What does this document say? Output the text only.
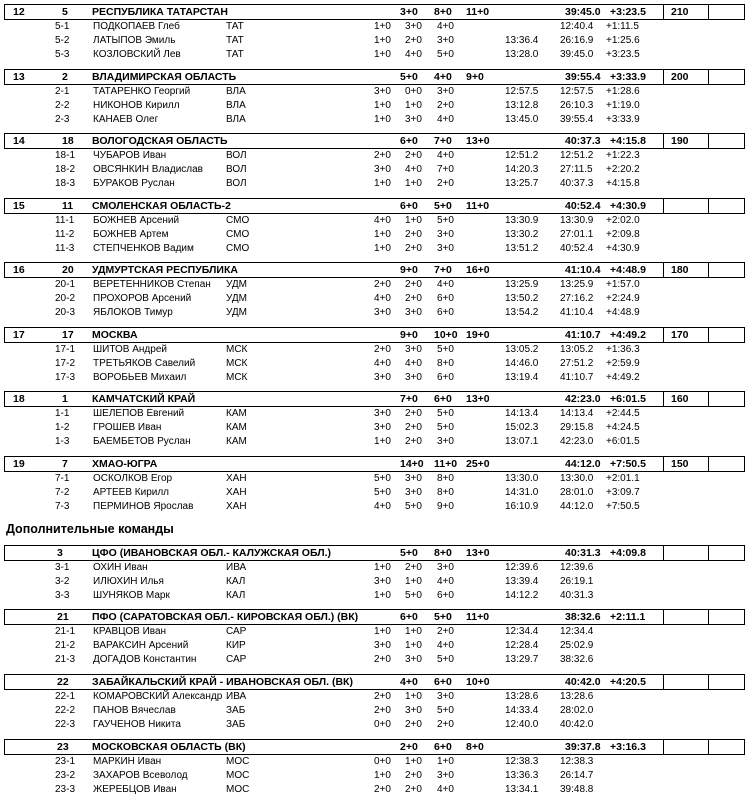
12	5 РЕСПУБЛИКА ТАТАРСТАН	3+0 8+0 11+0	39:45.0 +3:23.5 210
5-1 ПОДКОПАЕВ Глеб	ТАТ	1+0 3+0 4+0	12:40.4 +1:11.5
5-2 ЛАТЫПОВ Эмиль	ТАТ	1+0 2+0 3+0	13:36.4 26:16.9 +1:25.6
5-3 КОЗЛОВСКИЙ Лев	ТАТ	1+0 4+0 5+0	13:28.0 39:45.0 +3:23.5
13	2 ВЛАДИМИРСКАЯ ОБЛАСТЬ	5+0 4+0 9+0	39:55.4 +3:33.9 200
2-1 ТАТАРЕНКО Георгий	ВЛА	3+0 0+0 3+0	12:57.5 12:57.5 +1:28.6
2-2 НИКОНОВ Кирилл	ВЛА	1+0 1+0 2+0	13:12.8 26:10.3 +1:19.0
2-3 КАНАЕВ Олег	ВЛА	1+0 3+0 4+0	13:45.0 39:55.4 +3:33.9
14	18 ВОЛОГОДСКАЯ ОБЛАСТЬ	6+0 7+0 13+0	40:37.3 +4:15.8 190
18-1 ЧУБАРОВ Иван	ВОЛ	2+0 2+0 4+0	12:51.2 12:51.2 +1:22.3
18-2 ОВСЯНКИН Владислав ВОЛ	3+0 4+0 7+0	14:20.3 27:11.5 +2:20.2
18-3 БУРАКОВ Руслан	ВОЛ	1+0 1+0 2+0	13:25.7 40:37.3 +4:15.8
15	11 СМОЛЕНСКАЯ ОБЛАСТЬ-2	6+0 5+0 11+0	40:52.4 +4:30.9
11-1 БОЖНЕВ Арсений	СМО	4+0 1+0 5+0	13:30.9 13:30.9 +2:02.0
11-2 БОЖНЕВ Артем	СМО	1+0 2+0 3+0	13:30.2 27:01.1 +2:09.8
11-3 СТЕПЧЕНКОВ Вадим	СМО	1+0 2+0 3+0	13:51.2 40:52.4 +4:30.9
16	20 УДМУРТСКАЯ РЕСПУБЛИКА	9+0 7+0 16+0	41:10.4 +4:48.9 180
20-1 ВЕРЕТЕННИКОВ Степан УДМ	2+0 2+0 4+0	13:25.9 13:25.9 +1:57.0
20-2 ПРОХОРОВ Арсений	УДМ	4+0 2+0 6+0	13:50.2 27:16.2 +2:24.9
20-3 ЯБЛОКОВ Тимур	УДМ	3+0 3+0 6+0	13:54.2 41:10.4 +4:48.9
17	17 МОСКВА	9+0 10+0 19+0	41:10.7 +4:49.2 170
17-1 ШИТОВ Андрей	МСК	2+0 3+0 5+0	13:05.2 13:05.2 +1:36.3
17-2 ТРЕТЬЯКОВ Савелий	МСК	4+0 4+0 8+0	14:46.0 27:51.2 +2:59.9
17-3 ВОРОБЬЕВ Михаил	МСК	3+0 3+0 6+0	13:19.4 41:10.7 +4:49.2
18	1 КАМЧАТСКИЙ КРАЙ	7+0 6+0 13+0	42:23.0 +6:01.5 160
1-1 ШЕЛЕПОВ Евгений	КАМ	3+0 2+0 5+0	14:13.4 14:13.4 +2:44.5
1-2 ГРОШЕВ Иван	КАМ	3+0 2+0 5+0	15:02.3 29:15.8 +4:24.5
1-3 БАЕМБЕТОВ Руслан	КАМ	1+0 2+0 3+0	13:07.1 42:23.0 +6:01.5
19	7 ХМАО-ЮГРА	14+0 11+0 25+0	44:12.0 +7:50.5 150
7-1 ОСКОЛКОВ Егор	ХАН	5+0 3+0 8+0	13:30.0 13:30.0 +2:01.1
7-2 АРТЕЕВ Кирилл	ХАН	5+0 3+0 8+0	14:31.0 28:01.0 +3:09.7
7-3 ПЕРМИНОВ Ярослав	ХАН	4+0 5+0 9+0	16:10.9 44:12.0 +7:50.5
3	ЦФО (ИВАНОВСКАЯ ОБЛ.- КАЛУЖСКАЯ ОБЛ.)	5+0 8+0 13+0	40:31.3 +4:09.8
3-1 ОХИН Иван	ИВА	1+0 2+0 3+0	12:39.6 12:39.6
3-2 ИЛЮХИН Илья	КАЛ	3+0 1+0 4+0	13:39.4 26:19.1
3-3 ШУНЯКОВ Марк	КАЛ	1+0 5+0 6+0	14:12.2 40:31.3
21 ПФО (САРАТОВСКАЯ ОБЛ.- КИРОВСКАЯ ОБЛ.) (ВК)	6+0 5+0 11+0	38:32.6 +2:11.1
21-1 КРАВЦОВ Иван	САР	1+0 1+0 2+0	12:34.4 12:34.4
21-2 ВАРАКСИН Арсений	КИР	3+0 1+0 4+0	12:28.4 25:02.9
21-3 ДОГАДОВ Константин	САР	2+0 3+0 5+0	13:29.7 38:32.6
22 ЗАБАЙКАЛЬСКИЙ КРАЙ - ИВАНОВСКАЯ ОБЛ. (ВК)	4+0 6+0 10+0	40:42.0 +4:20.5
22-1 КОМАРОВСКИЙ Александр ИВА	2+0 1+0 3+0	13:28.6 13:28.6
22-2 ПАНОВ Вячеслав	ЗАБ	2+0 3+0 5+0	14:33.4 28:02.0
22-3 ГАУЧЕНОВ Никита	ЗАБ	0+0 2+0 2+0	12:40.0 40:42.0
23 МОСКОВСКАЯ ОБЛАСТЬ (ВК)	2+0 6+0 8+0	39:37.8 +3:16.3
23-1 МАРКИН Иван	МОС	0+0 1+0 1+0	12:38.3 12:38.3
23-2 ЗАХАРОВ Всеволод	МОС	1+0 2+0 3+0	13:36.3 26:14.7
23-3 ЖЕРЕБЦОВ Иван	МОС	2+0 2+0 4+0	13:34.1 39:48.8
Дополнительные команды
